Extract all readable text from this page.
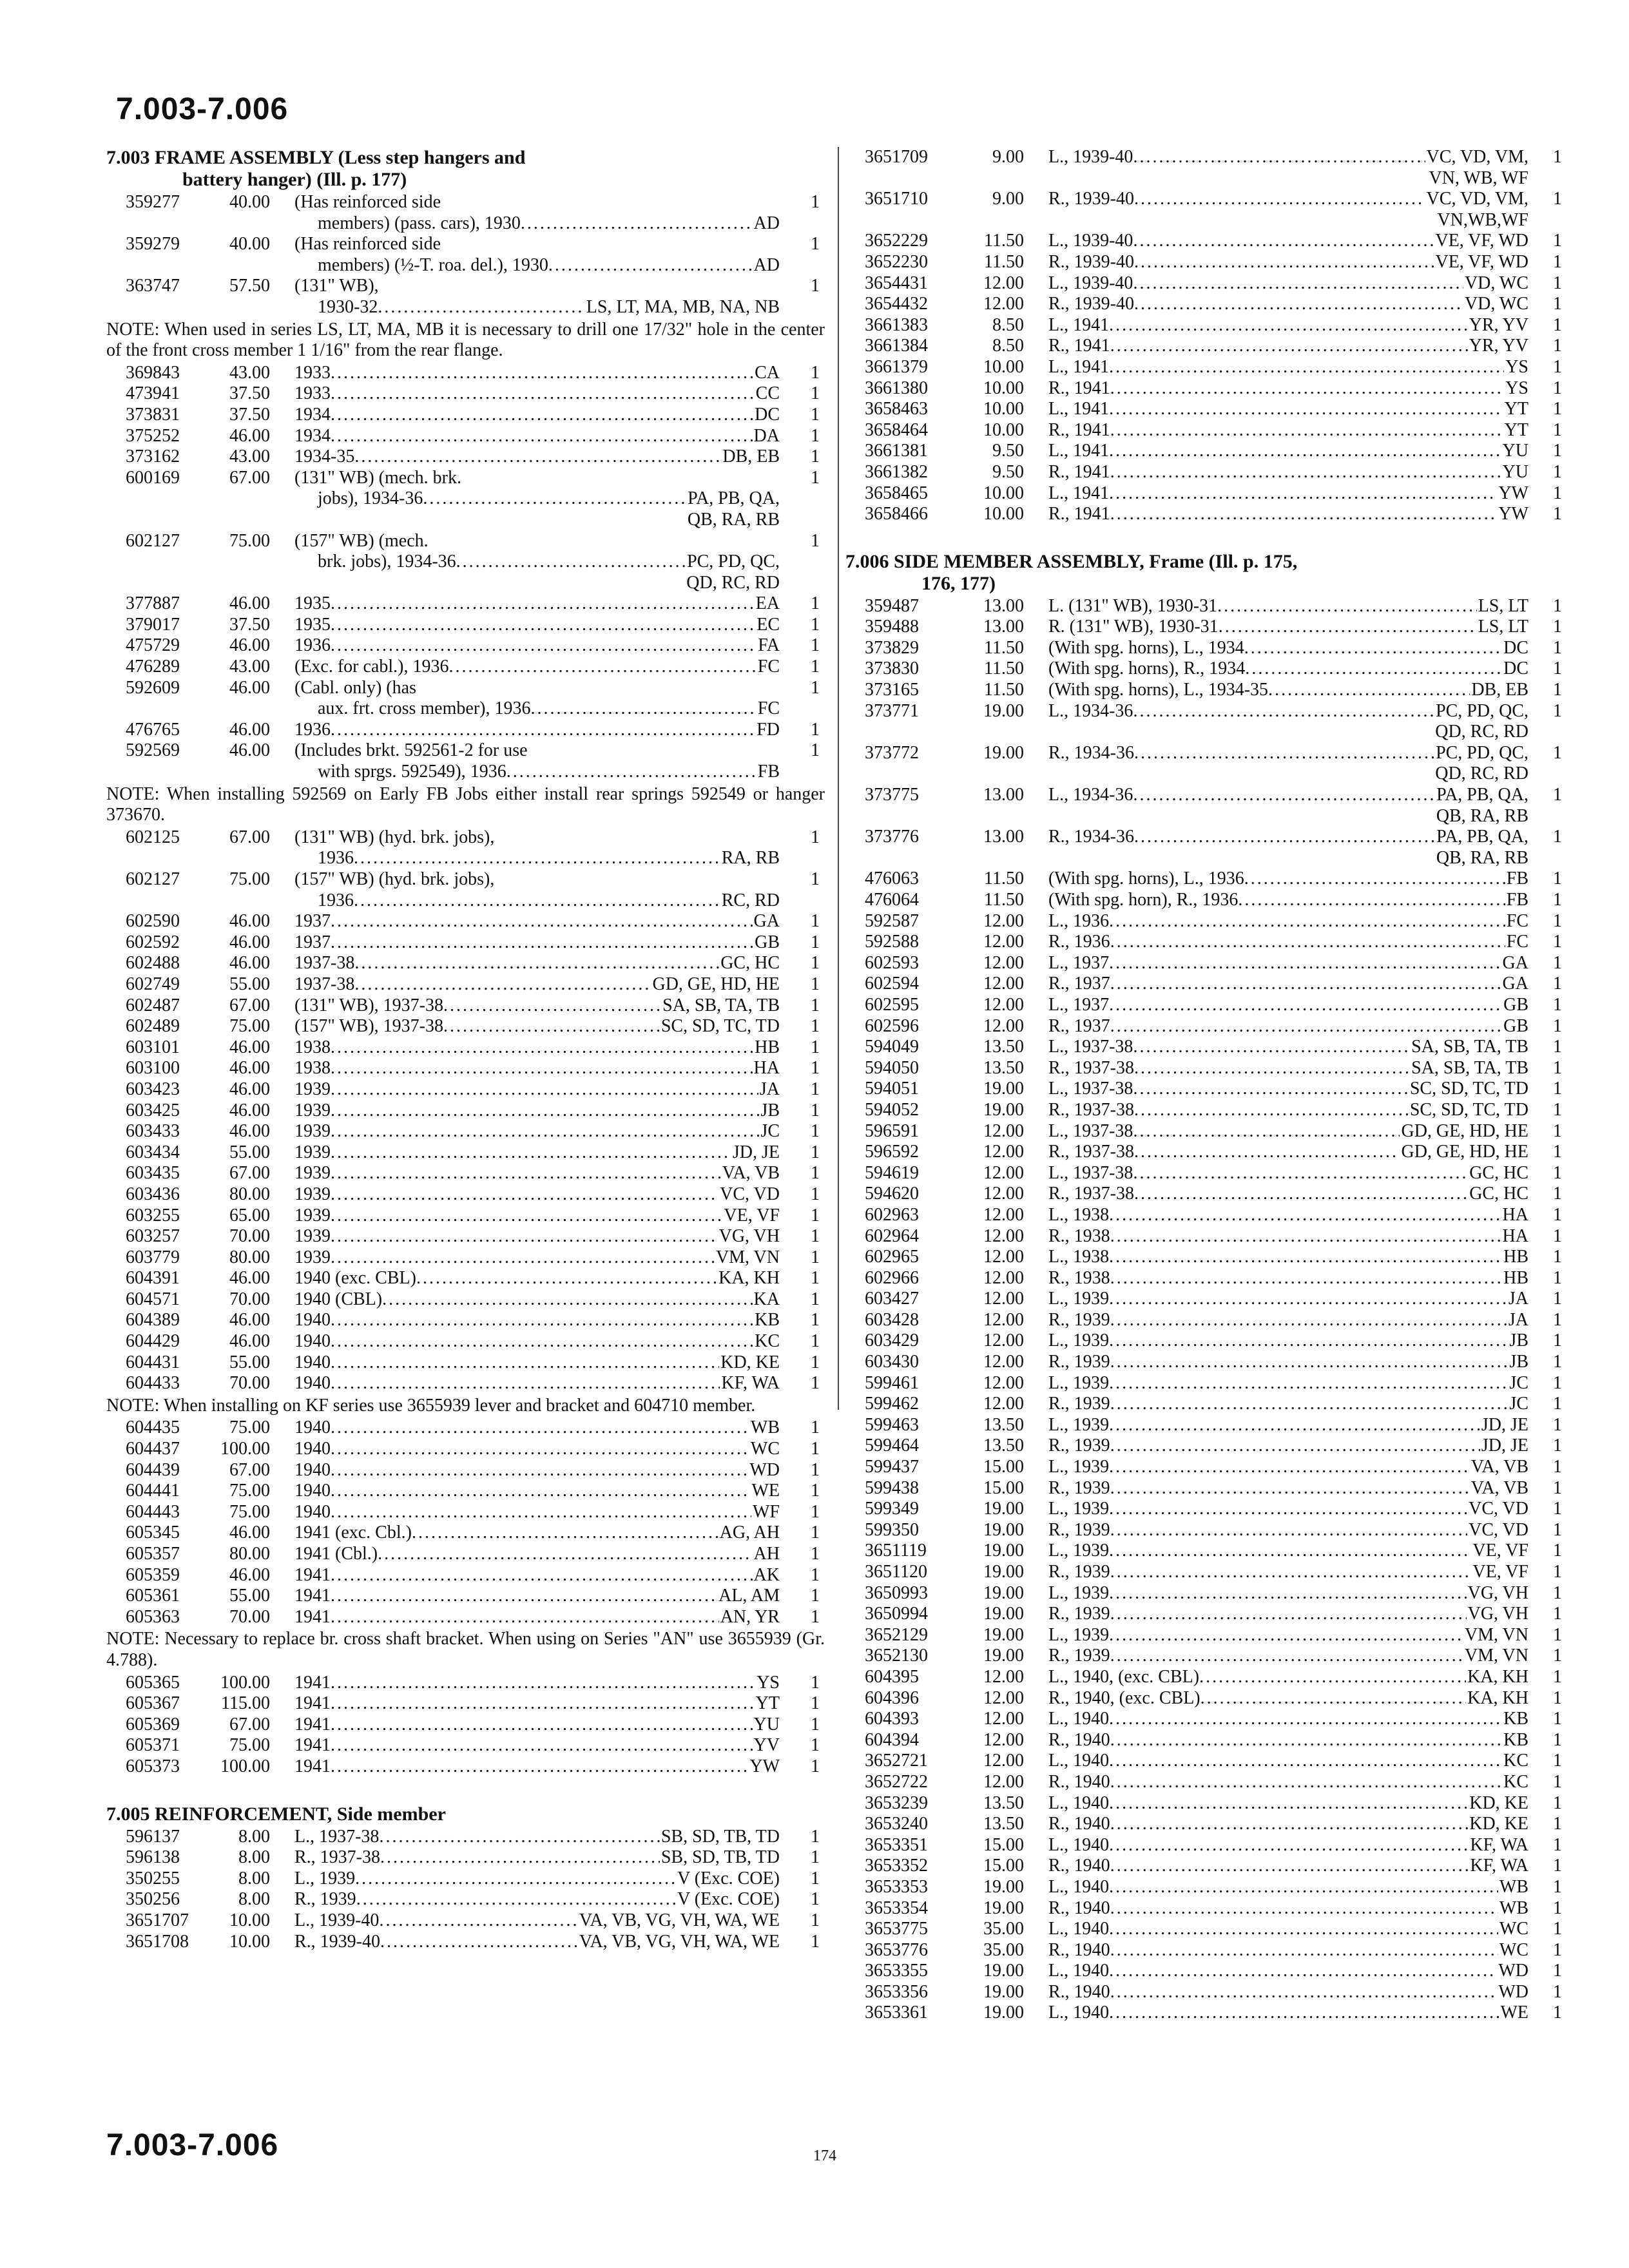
7.003-7.006
7.003 FRAME ASSEMBLY (Less step hangers and
battery hanger) (Ill. p. 177)
359277	40.00	(Has reinforced side
members) (pass. cars), 1930 .....	AD
1
359279	40.00	(Has reinforced side
members) (½-T. roa. del.), 1930 .....	AD
1
363747	57.50	(131" WB),
1930-32 .....	LS, LT, MA, MB, NA, NB
1
NOTE: When used in series LS, LT, MA, MB it is necessary to drill one 17/32" hole in the center of the front cross member 1 1/16" from the rear flange.
369843	43.00	1933 .....	CA	1
473941	37.50	1933 .....	CC	1
373831	37.50	1934 .....	DC	1
375252	46.00	1934 .....	DA	1
373162	43.00	1934-35 .....	DB, EB	1
600169	67.00	(131" WB) (mech. brk.
jobs), 1934-36 .....	PA, PB, QA,
QB, RA, RB
1
602127	75.00	(157" WB) (mech.
brk. jobs), 1934-36 .....	PC, PD, QC,
QD, RC, RD
1
377887	46.00	1935 .....	EA	1
379017	37.50	1935 .....	EC	1
475729	46.00	1936 .....	FA	1
476289	43.00	(Exc. for cabl.), 1936 .....	FC	1
592609	46.00	(Cabl. only) (has
aux. frt. cross member), 1936 .....	FC
1
476765	46.00	1936 .....	FD	1
592569	46.00	(Includes brkt. 592561-2 for use
with sprgs. 592549), 1936 .....	FB
1
NOTE: When installing 592569 on Early FB Jobs either install rear springs 592549 or hanger 373670.
602125	67.00	(131" WB) (hyd. brk. jobs),
1936 .....	RA, RB
1
602127	75.00	(157" WB) (hyd. brk. jobs),
1936 .....	RC, RD
1
602590	46.00	1937 .....	GA	1
602592	46.00	1937 .....	GB	1
602488	46.00	1937-38 .....	GC, HC	1
602749	55.00	1937-38 .....	GD, GE, HD, HE	1
602487	67.00	(131" WB), 1937-38 .....	SA, SB, TA, TB	1
602489	75.00	(157" WB), 1937-38 .....	SC, SD, TC, TD	1
603101	46.00	1938 .....	HB	1
603100	46.00	1938 .....	HA	1
603423	46.00	1939 .....	JA	1
603425	46.00	1939 .....	JB	1
603433	46.00	1939 .....	JC	1
603434	55.00	1939 .....	JD, JE	1
603435	67.00	1939 .....	VA, VB	1
603436	80.00	1939 .....	VC, VD	1
603255	65.00	1939 .....	VE, VF	1
603257	70.00	1939 .....	VG, VH	1
603779	80.00	1939 .....	VM, VN	1
604391	46.00	1940 (exc. CBL) .....	KA, KH	1
604571	70.00	1940 (CBL) .....	KA	1
604389	46.00	1940 .....	KB	1
604429	46.00	1940 .....	KC	1
604431	55.00	1940 .....	KD, KE	1
604433	70.00	1940 .....	KF, WA	1
NOTE: When installing on KF series use 3655939 lever and bracket and 604710 member.
604435	75.00	1940 .....	WB	1
604437	100.00	1940 .....	WC	1
604439	67.00	1940 .....	WD	1
604441	75.00	1940 .....	WE	1
604443	75.00	1940 .....	WF	1
605345	46.00	1941 (exc. Cbl.) .....	AG, AH	1
605357	80.00	1941 (Cbl.) .....	AH	1
605359	46.00	1941 .....	AK	1
605361	55.00	1941 .....	AL, AM	1
605363	70.00	1941 .....	AN, YR	1
NOTE: Necessary to replace br. cross shaft bracket. When using on Series "AN" use 3655939 (Gr. 4.788).
605365	100.00	1941 .....	YS	1
605367	115.00	1941 .....	YT	1
605369	67.00	1941 .....	YU	1
605371	75.00	1941 .....	YV	1
605373	100.00	1941 .....	YW	1
7.005 REINFORCEMENT, Side member
596137	8.00	L., 1937-38 .....	SB, SD, TB, TD	1
596138	8.00	R., 1937-38 .....	SB, SD, TB, TD	1
350255	8.00	L., 1939 .....	V (Exc. COE)	1
350256	8.00	R., 1939 .....	V (Exc. COE)	1
3651707	10.00	L., 1939-40 .....	VA, VB, VG, VH, WA, WE	1
3651708	10.00	R., 1939-40 .....	VA, VB, VG, VH, WA, WE	1
3651709	9.00	L., 1939-40 .....	VC, VD, VM,
VN, WB, WF
1
3651710	9.00	R., 1939-40 .....	VC, VD, VM,
VN,WB,WF
1
3652229	11.50	L., 1939-40 .....	VE, VF, WD	1
3652230	11.50	R., 1939-40 .....	VE, VF, WD	1
3654431	12.00	L., 1939-40 .....	VD, WC	1
3654432	12.00	R., 1939-40 .....	VD, WC	1
3661383	8.50	L., 1941 .....	YR, YV	1
3661384	8.50	R., 1941 .....	YR, YV	1
3661379	10.00	L., 1941 .....	YS	1
3661380	10.00	R., 1941 .....	YS	1
3658463	10.00	L., 1941 .....	YT	1
3658464	10.00	R., 1941 .....	YT	1
3661381	9.50	L., 1941 .....	YU	1
3661382	9.50	R., 1941 .....	YU	1
3658465	10.00	L., 1941 .....	YW	1
3658466	10.00	R., 1941 .....	YW	1
7.006 SIDE MEMBER ASSEMBLY, Frame (Ill. p. 175,
176, 177)
359487	13.00	L. (131" WB), 1930-31 .....	LS, LT	1
359488	13.00	R. (131" WB), 1930-31 .....	LS, LT	1
373829	11.50	(With spg. horns), L., 1934 .....	DC	1
373830	11.50	(With spg. horns), R., 1934 .....	DC	1
373165	11.50	(With spg. horns), L., 1934-35 .....	DB, EB	1
373771	19.00	L., 1934-36 .....	PC, PD, QC,
QD, RC, RD
1
373772	19.00	R., 1934-36 .....	PC, PD, QC,
QD, RC, RD
1
373775	13.00	L., 1934-36 .....	PA, PB, QA,
QB, RA, RB
1
373776	13.00	R., 1934-36 .....	PA, PB, QA,
QB, RA, RB
1
476063	11.50	(With spg. horns), L., 1936 .....	FB	1
476064	11.50	(With spg. horn), R., 1936 .....	FB	1
592587	12.00	L., 1936 .....	FC	1
592588	12.00	R., 1936 .....	FC	1
602593	12.00	L., 1937 .....	GA	1
602594	12.00	R., 1937 .....	GA	1
602595	12.00	L., 1937 .....	GB	1
602596	12.00	R., 1937 .....	GB	1
594049	13.50	L., 1937-38 .....	SA, SB, TA, TB	1
594050	13.50	R., 1937-38 .....	SA, SB, TA, TB	1
594051	19.00	L., 1937-38 .....	SC, SD, TC, TD	1
594052	19.00	R., 1937-38 .....	SC, SD, TC, TD	1
596591	12.00	L., 1937-38 .....	GD, GE, HD, HE	1
596592	12.00	R., 1937-38 .....	GD, GE, HD, HE	1
594619	12.00	L., 1937-38 .....	GC, HC	1
594620	12.00	R., 1937-38 .....	GC, HC	1
602963	12.00	L., 1938 .....	HA	1
602964	12.00	R., 1938 .....	HA	1
602965	12.00	L., 1938 .....	HB	1
602966	12.00	R., 1938 .....	HB	1
603427	12.00	L., 1939 .....	JA	1
603428	12.00	R., 1939 .....	JA	1
603429	12.00	L., 1939 .....	JB	1
603430	12.00	R., 1939 .....	JB	1
599461	12.00	L., 1939 .....	JC	1
599462	12.00	R., 1939 .....	JC	1
599463	13.50	L., 1939 .....	JD, JE	1
599464	13.50	R., 1939 .....	JD, JE	1
599437	15.00	L., 1939 .....	VA, VB	1
599438	15.00	R., 1939 .....	VA, VB	1
599349	19.00	L., 1939 .....	VC, VD	1
599350	19.00	R., 1939 .....	VC, VD	1
3651119	19.00	L., 1939 .....	VE, VF	1
3651120	19.00	R., 1939 .....	VE, VF	1
3650993	19.00	L., 1939 .....	VG, VH	1
3650994	19.00	R., 1939 .....	VG, VH	1
3652129	19.00	L., 1939 .....	VM, VN	1
3652130	19.00	R., 1939 .....	VM, VN	1
604395	12.00	L., 1940, (exc. CBL) .....	KA, KH	1
604396	12.00	R., 1940, (exc. CBL) .....	KA, KH	1
604393	12.00	L., 1940 .....	KB	1
604394	12.00	R., 1940 .....	KB	1
3652721	12.00	L., 1940 .....	KC	1
3652722	12.00	R., 1940 .....	KC	1
3653239	13.50	L., 1940 .....	KD, KE	1
3653240	13.50	R., 1940 .....	KD, KE	1
3653351	15.00	L., 1940 .....	KF, WA	1
3653352	15.00	R., 1940 .....	KF, WA	1
3653353	19.00	L., 1940 .....	WB	1
3653354	19.00	R., 1940 .....	WB	1
3653775	35.00	L., 1940 .....	WC	1
3653776	35.00	R., 1940 .....	WC	1
3653355	19.00	L., 1940 .....	WD	1
3653356	19.00	R., 1940 .....	WD	1
3653361	19.00	L., 1940 .....	WE	1
7.003-7.006	174
